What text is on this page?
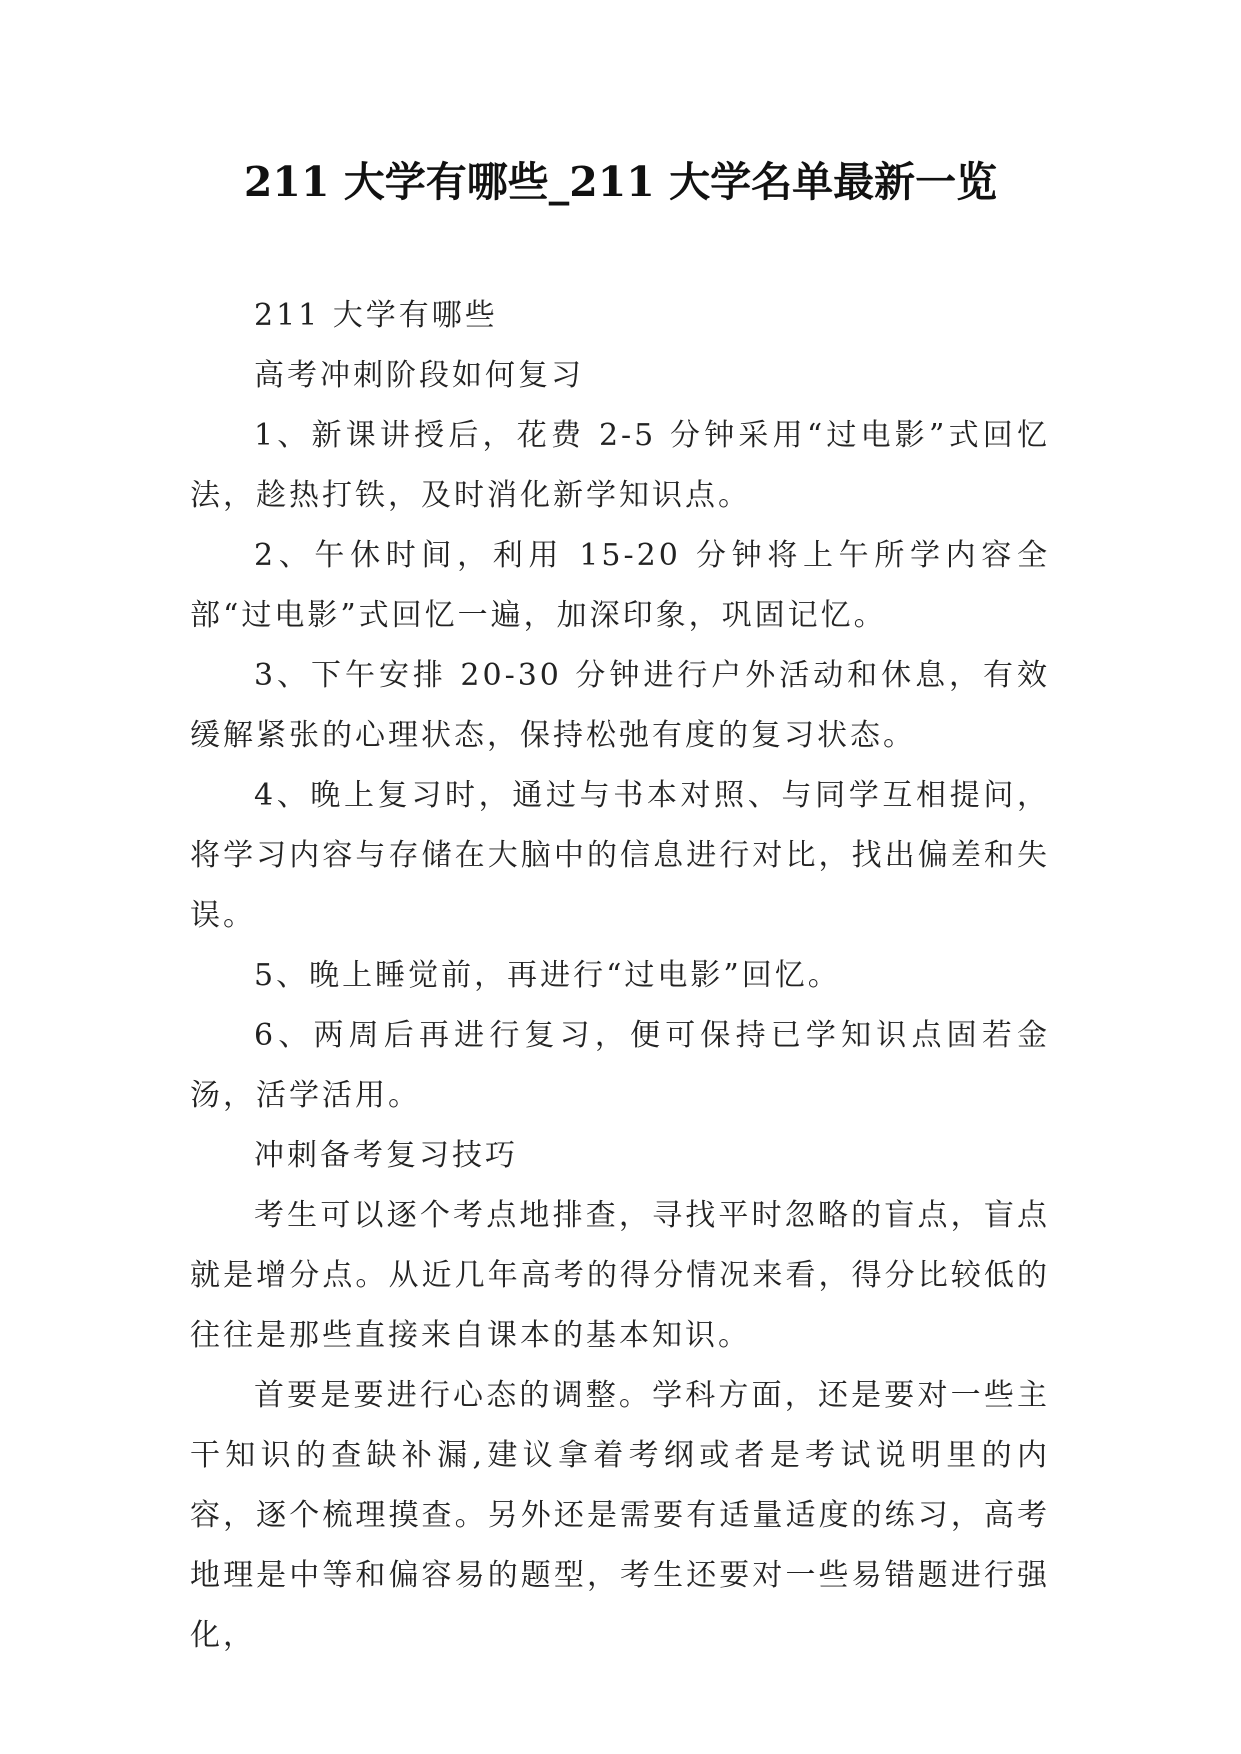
211 大学有哪些_211 大学名单最新一览

211 大学有哪些

高考冲刺阶段如何复习

1、新课讲授后，花费 2-5 分钟采用“过电影”式回忆法，趁热打铁，及时消化新学知识点。

2、午休时间，利用 15-20 分钟将上午所学内容全部“过电影”式回忆一遍，加深印象，巩固记忆。

3、下午安排 20-30 分钟进行户外活动和休息，有效缓解紧张的心理状态，保持松弛有度的复习状态。

4、晚上复习时，通过与书本对照、与同学互相提问，将学习内容与存储在大脑中的信息进行对比，找出偏差和失误。

5、晚上睡觉前，再进行“过电影”回忆。

6、两周后再进行复习，便可保持已学知识点固若金汤，活学活用。

冲刺备考复习技巧

考生可以逐个考点地排查，寻找平时忽略的盲点，盲点就是增分点。从近几年高考的得分情况来看，得分比较低的往往是那些直接来自课本的基本知识。

首要是要进行心态的调整。学科方面，还是要对一些主干知识的查缺补漏,建议拿着考纲或者是考试说明里的内容，逐个梳理摸查。另外还是需要有适量适度的练习，高考地理是中等和偏容易的题型，考生还要对一些易错题进行强化，
